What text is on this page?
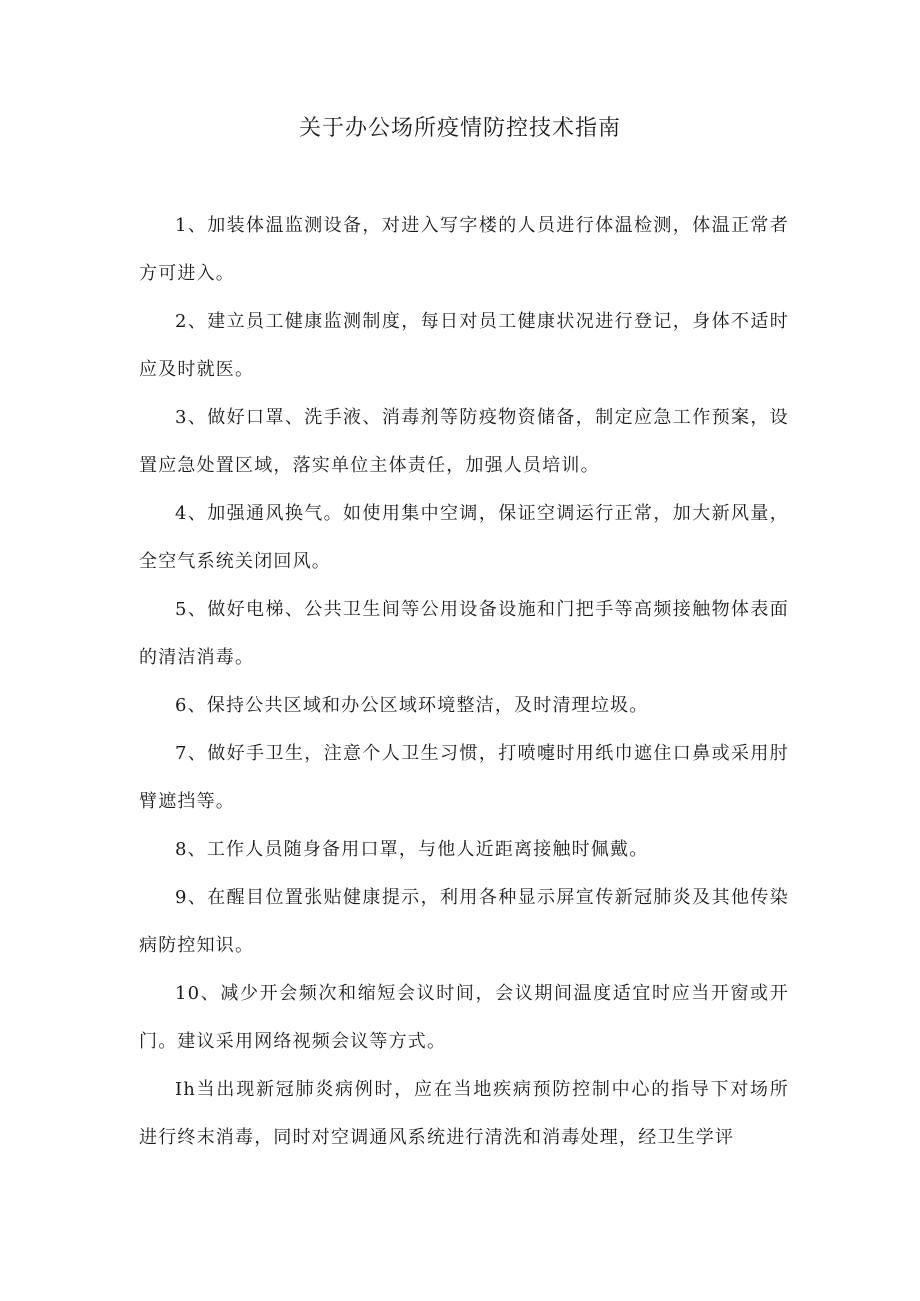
关于办公场所疫情防控技术指南

1、加装体温监测设备，对进入写字楼的人员进行体温检测，体温正常者方可进入。

2、建立员工健康监测制度，每日对员工健康状况进行登记，身体不适时应及时就医。

3、做好口罩、洗手液、消毒剂等防疫物资储备，制定应急工作预案，设置应急处置区域，落实单位主体责任，加强人员培训。

4、加强通风换气。如使用集中空调，保证空调运行正常，加大新风量，全空气系统关闭回风。

5、做好电梯、公共卫生间等公用设备设施和门把手等高频接触物体表面的清洁消毒。

6、保持公共区域和办公区域环境整洁，及时清理垃圾。

7、做好手卫生，注意个人卫生习惯，打喷嚏时用纸巾遮住口鼻或采用肘臂遮挡等。

8、工作人员随身备用口罩，与他人近距离接触时佩戴。

9、在醒目位置张贴健康提示，利用各种显示屏宣传新冠肺炎及其他传染病防控知识。

10、减少开会频次和缩短会议时间，会议期间温度适宜时应当开窗或开门。建议采用网络视频会议等方式。

Ih当出现新冠肺炎病例时，应在当地疾病预防控制中心的指导下对场所进行终末消毒，同时对空调通风系统进行清洗和消毒处理，经卫生学评
